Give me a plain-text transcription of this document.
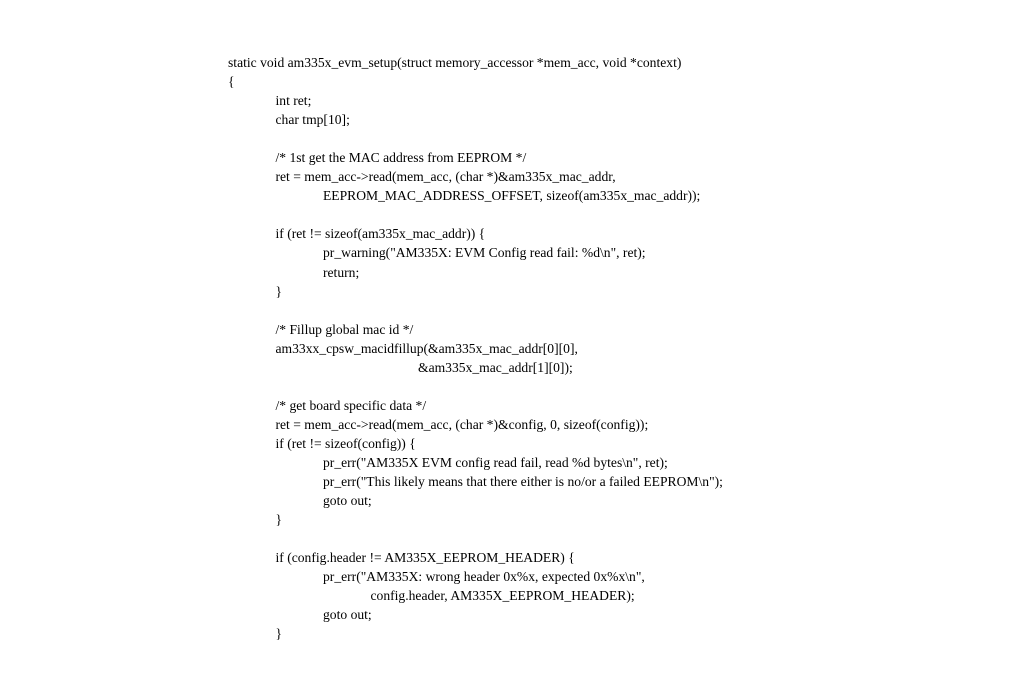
static void am335x_evm_setup(struct memory_accessor *mem_acc, void *context)
{
int ret;
char tmp[10];
/* 1st get the MAC address from EEPROM */
ret = mem_acc->read(mem_acc, (char *)&am335x_mac_addr,
EEPROM_MAC_ADDRESS_OFFSET, sizeof(am335x_mac_addr));
if (ret != sizeof(am335x_mac_addr)) {
pr_warning("AM335X: EVM Config read fail: %d\n", ret);
return;
}
/* Fillup global mac id */
am33xx_cpsw_macidfillup(&am335x_mac_addr[0][0],
&am335x_mac_addr[1][0]);
/* get board specific data */
ret = mem_acc->read(mem_acc, (char *)&config, 0, sizeof(config));
if (ret != sizeof(config)) {
pr_err("AM335X EVM config read fail, read %d bytes\n", ret);
pr_err("This likely means that there either is no/or a failed EEPROM\n");
goto out;
}
if (config.header != AM335X_EEPROM_HEADER) {
pr_err("AM335X: wrong header 0x%x, expected 0x%x\n",
config.header, AM335X_EEPROM_HEADER);
goto out;
}
